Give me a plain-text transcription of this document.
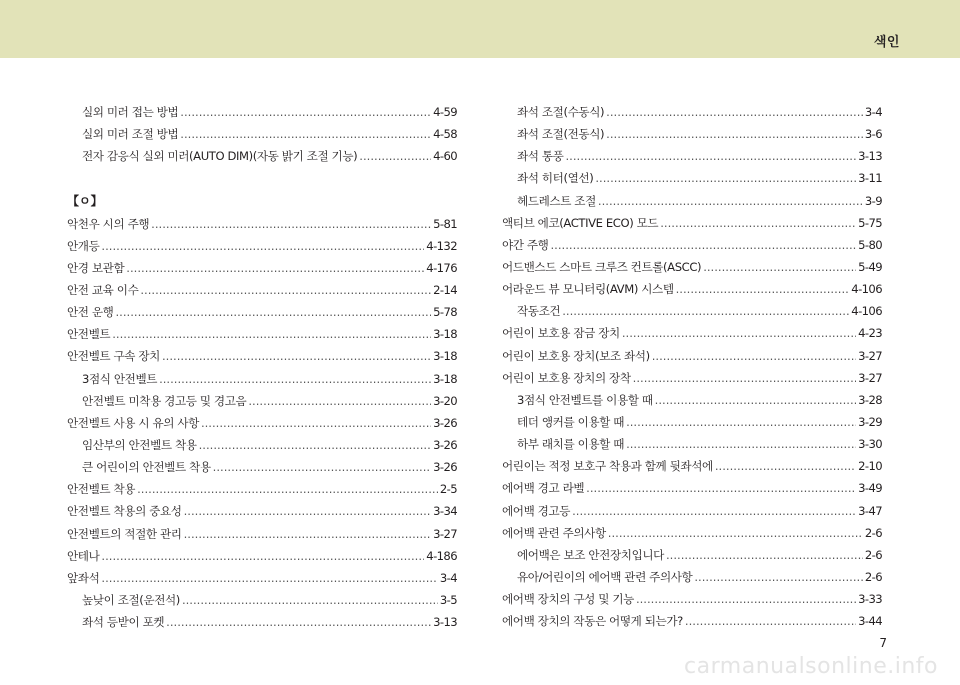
색인
실외 미러 접는 방법 .....	4-59
실외 미러 조절 방법 .....	4-58
전자 감응식 실외 미러(AUTO DIM)(자동 밝기 조절 기능) .....	4-60
【ㅇ】
악천우 시의 주행 .....	5-81
안개등 .....	4-132
안경 보관함 .....	4-176
안전 교육 이수 .....	2-14
안전 운행 .....	5-78
안전벨트 .....	3-18
안전벨트 구속 장치 .....	3-18
3점식 안전벨트 .....	3-18
안전벨트 미착용 경고등 및 경고음 .....	3-20
안전벨트 사용 시 유의 사항 .....	3-26
임산부의 안전벨트 착용 .....	3-26
큰 어린이의 안전벨트 착용 .....	3-26
안전벨트 착용 .....	2-5
안전벨트 착용의 중요성 .....	3-34
안전벨트의 적절한 관리 .....	3-27
안테나 .....	4-186
앞좌석 .....	3-4
높낮이 조절(운전석) .....	3-5
좌석 등받이 포켓 .....	3-13
좌석 조절(수동식) .....	3-4
좌석 조절(전동식) .....	3-6
좌석 통풍 .....	3-13
좌석 히터(열선) .....	3-11
헤드레스트 조절 .....	3-9
액티브 에코(ACTIVE ECO) 모드 .....	5-75
야간 주행 .....	5-80
어드밴스드 스마트 크루즈 컨트롤(ASCC) .....	5-49
어라운드 뷰 모니터링(AVM) 시스템 .....	4-106
작동조건 .....	4-106
어린이 보호용 잠금 장치 .....	4-23
어린이 보호용 장치(보조 좌석) .....	3-27
어린이 보호용 장치의 장착 .....	3-27
3점식 안전벨트를 이용할 때 .....	3-28
테더 앵커를 이용할 때 .....	3-29
하부 래치를 이용할 때 .....	3-30
어린이는 적정 보호구 착용과 함께 뒷좌석에 .....	2-10
에어백 경고 라벨 .....	3-49
에어백 경고등 .....	3-47
에어백 관련 주의사항 .....	2-6
에어백은 보조 안전장치입니다 .....	2-6
유아/어린이의 에어백 관련 주의사항 .....	2-6
에어백 장치의 구성 및 기능 .....	3-33
에어백 장치의 작동은 어떻게 되는가? .....	3-44
7
carmanualsonline.info
